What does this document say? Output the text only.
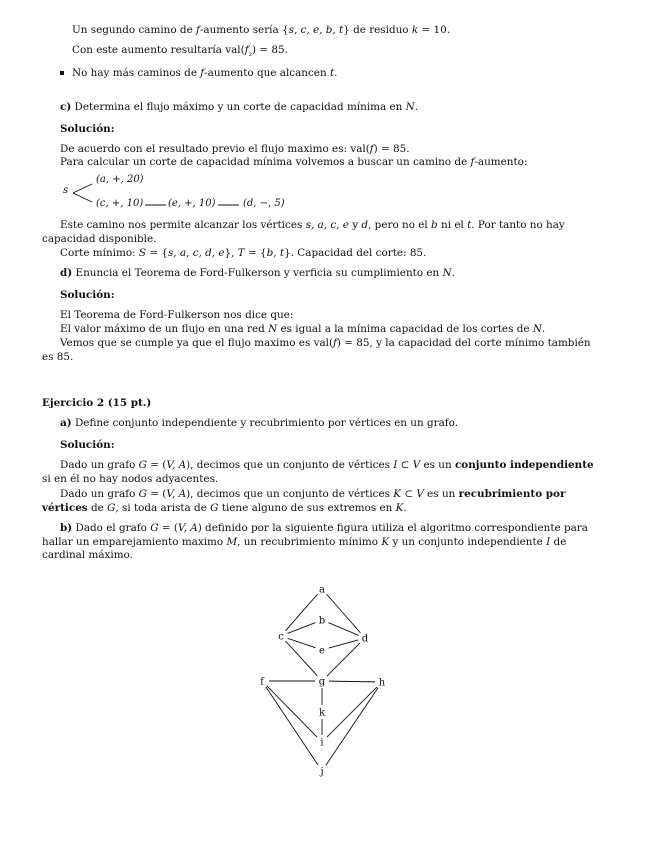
Un segundo camino de f-aumento sería {s, c, e, b, t} de residuo k = 10.
Con este aumento resultaría $val(f_{_2}) = 85$.
No hay más caminos de f-aumento que alcancen t.
c) Determina el flujo máximo y un corte de capacidad mínima en N.
Solución:
De acuerdo con el resultado previo el flujo maximo es: val(f) = 85.
Para calcular un corte de capacidad mínima volvemos a buscar un camino de f-aumento:
s
(a, +, 20)
(c, +, 10) (e, +, 10)	(d, −, 5)
Este camino nos permite alcanzar los vértices s, a, c, e y d, pero no el b ni el t. Por tanto no hay capacidad disponible.
Corte mínimo: S = {s, a, c, d, e}, T = {b, t}. Capacidad del corte: 85.
d) Enuncia el Teorema de Ford-Fulkerson y verficia su cumplimiento en N.
Solución:
El Teorema de Ford-Fulkerson nos dice que:
El valor máximo de un flujo en una red N es igual a la mínima capacidad de los cortes de N.
Vemos que se cumple ya que el flujo maximo es val(f) = 85, y la capacidad del corte mínimo también es 85.
Ejercicio 2 (15 pt.)
a) Define conjunto independiente y recubrimiento por vértices en un grafo.
Solución:
Dado un grafo G = (V, A), decimos que un conjunto de vértices I ⊂ V es un conjunto independiente si en él no hay nodos adyacentes.
Dado un grafo G = (V, A), decimos que un conjunto de vértices K ⊂ V es un recubrimiento por vértices de G, si toda arista de G tiene alguno de sus extremos en K.
b) Dado el grafo G = (V, A) definido por la siguiente figura utiliza el algoritmo correspondiente para hallar un emparejamiento maximo M, un recubrimiento mínimo K y un conjunto independiente I de cardinal máximo.
a
b
c	d
e
f	g	h
k
i
j
